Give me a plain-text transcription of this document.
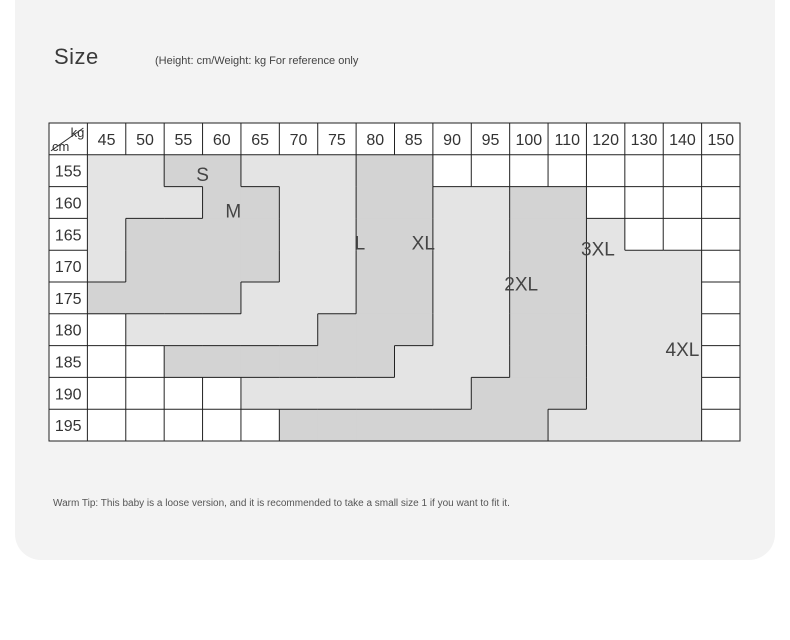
Size	(Height: cm/Weight: kg For reference only
kg
cm 45 50 55 60 65 70 75 80 85 90 95 100 110 120 130 140 150
155
160
165
170
175
180
185
190
195
S
M
L XL
2XL
3XL
4XL
Warm Tip: This baby is a loose version, and it is recommended to take a small size 1 if you want to fit it.
